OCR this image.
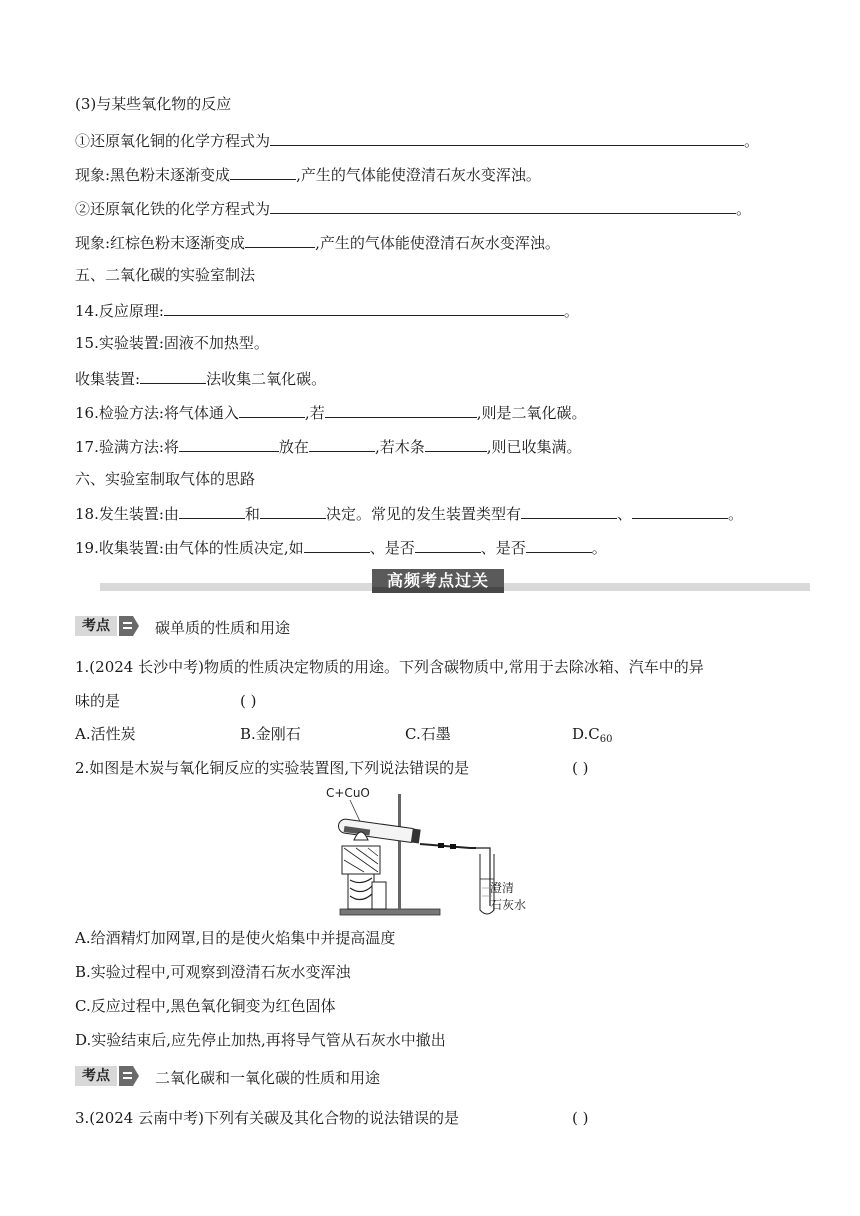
(3)与某些氧化物的反应
①还原氧化铜的化学方程式为	。
现象:黑色粉末逐渐变成	,产生的气体能使澄清石灰水变浑浊。
②还原氧化铁的化学方程式为	。
现象:红棕色粉末逐渐变成	,产生的气体能使澄清石灰水变浑浊。
五、二氧化碳的实验室制法
14.反应原理:	。
15.实验装置:固液不加热型。
收集装置:	法收集二氧化碳。
16.检验方法:将气体通入	,若	,则是二氧化碳。
17.验满方法:将	放在	,若木条	,则已收集满。
六、实验室制取气体的思路
18.发生装置:由	和	决定。常见的发生装置类型有	、	。
19.收集装置:由气体的性质决定,如	、是否	、是否	。
高频考点过关
考点	碳单质的性质和用途
1.(2024 长沙中考)物质的性质决定物质的用途。下列含碳物质中,常用于去除冰箱、汽车中的异
味的是	( )
A.活性炭	B.金刚石	C.石墨	$D.C_{60}$
2.如图是木炭与氧化铜反应的实验装置图,下列说法错误的是	( )
C+CuO
澄清
石灰水
A.给酒精灯加网罩,目的是使火焰集中并提高温度
B.实验过程中,可观察到澄清石灰水变浑浊
C.反应过程中,黑色氧化铜变为红色固体
D.实验结束后,应先停止加热,再将导气管从石灰水中撤出
考点	二氧化碳和一氧化碳的性质和用途
3.(2024 云南中考)下列有关碳及其化合物的说法错误的是	( )
